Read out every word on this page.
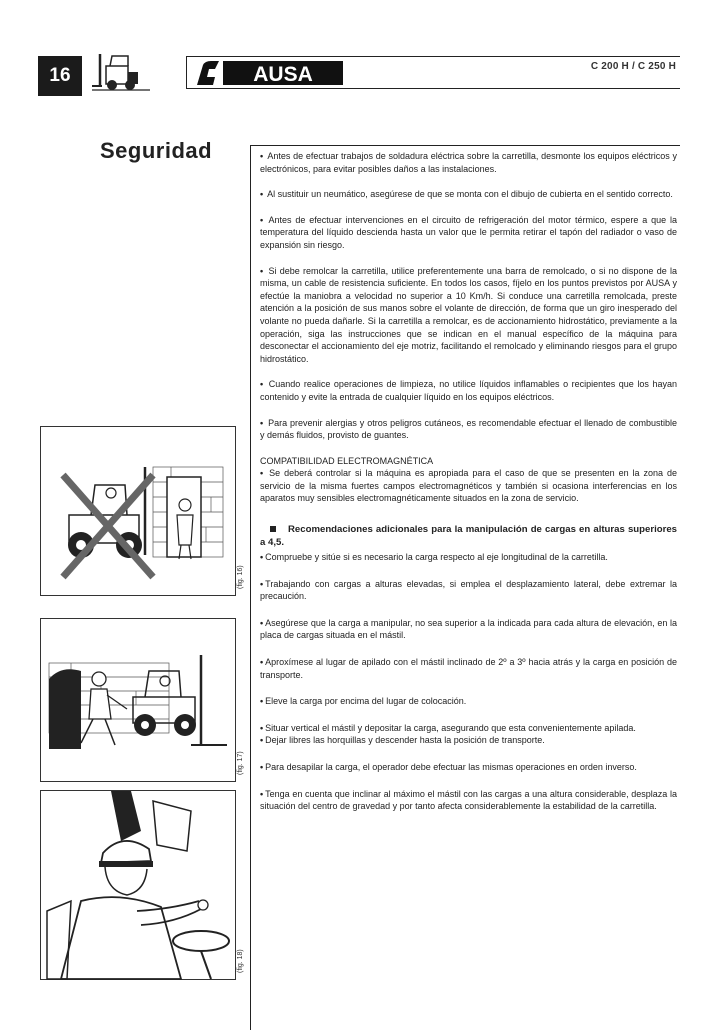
16	AUSA	C 200 H / C 250 H
Seguridad	• Antes de efectuar trabajos de soldadura eléctrica sobre la carretilla, desmonte los equipos eléctricos y electrónicos, para evitar posibles daños a las instalaciones.

• Al sustituir un neumático, asegúrese de que se monta con el dibujo de cubierta en el sentido correcto.

• Antes de efectuar intervenciones en el circuito de refrigeración del motor térmico, espere a que la temperatura del líquido descienda hasta un valor que le permita retirar el tapón del radiador o vaso de expansión sin riesgo.

• Si debe remolcar la carretilla, utilice preferentemente una barra de remolcado, o si no dispone de la misma, un cable de resistencia suficiente. En todos los casos, fíjelo en los puntos previstos por AUSA y efectúe la maniobra a velocidad no superior a 10 Km/h. Si conduce una carretilla remolcada, preste atención a la posición de sus manos sobre el volante de dirección, de forma que un giro inesperado del volante no pueda dañarle. Si la carretilla a remolcar, es de accionamiento hidrostático, previamente a la operación, siga las instrucciones que se indican en el manual específico de la máquina para desconectar el accionamiento del eje motriz, facilitando el remolcado y eliminando riesgos para el grupo hidrostático.

• Cuando realice operaciones de limpieza, no utilice líquidos inflamables o recipientes que los hayan contenido y evite la entrada de cualquier líquido en los equipos eléctricos.

• Para prevenir alergias y otros peligros cutáneos, es recomendable efectuar el llenado de combustible y demás fluidos, provisto de guantes.

COMPATIBILIDAD ELECTROMAGNÉTICA

• Se deberá controlar si la máquina es apropiada para el caso de que se presenten en la zona de servicio de la misma fuertes campos electromagnéticos y también si ocasiona interferencias en los aparatos muy sensibles electromagnéticamente situados en la zona de servicio.

Recomendaciones adicionales para la manipulación de cargas en alturas superiores a 4,5.

• Compruebe y sitúe si es necesario la carga respecto al eje longitudinal de la carretilla.

• Trabajando con cargas a alturas elevadas, si emplea el desplazamiento lateral, debe extremar la precaución.

• Asegúrese que la carga a manipular, no sea superior a la indicada para cada altura de elevación, en la placa de cargas situada en el mástil.

• Aproxímese al lugar de apilado con el mástil inclinado de 2º a 3º hacia atrás y la carga en posición de transporte.

• Eleve la carga por encima del lugar de colocación.

• Situar vertical el mástil y depositar la carga, asegurando que esta convenientemente apilada.

• Dejar libres las horquillas y descender hasta la posición de transporte.

• Para desapilar la carga, el operador debe efectuar las mismas operaciones en orden inverso.

• Tenga en cuenta que inclinar al máximo el mástil con las cargas a una altura considerable, desplaza la situación del centro de gravedad y por tanto afecta considerablemente la estabilidad de la carretilla.

(fig. 16)
(fig. 17)
(fig. 18)
